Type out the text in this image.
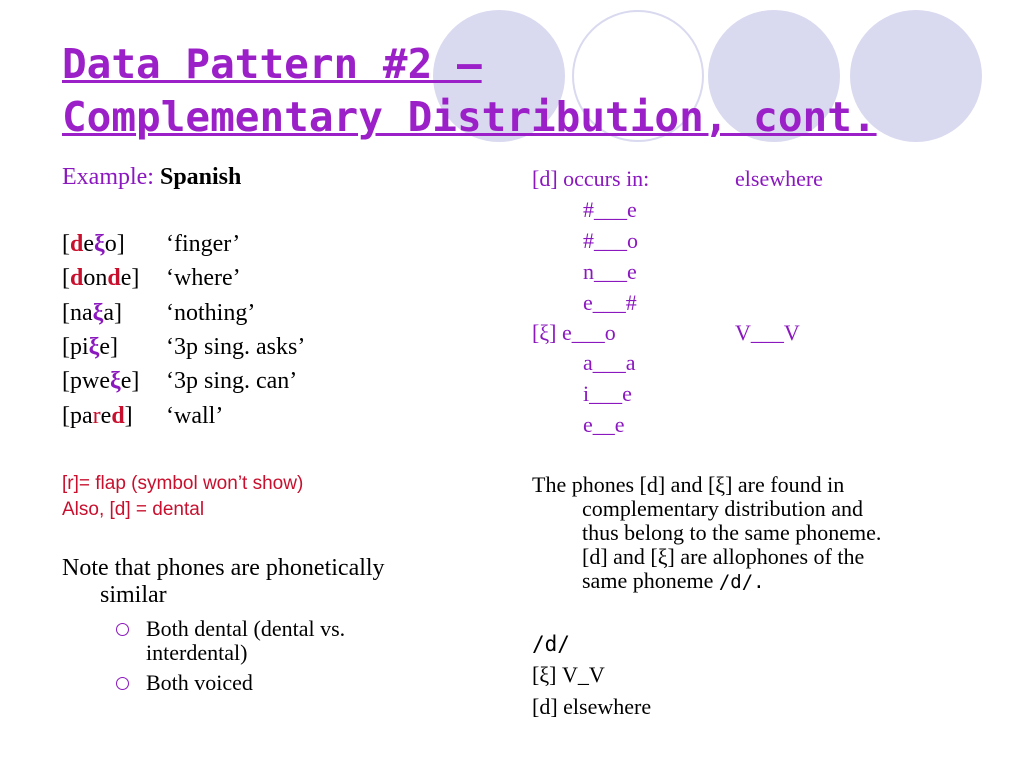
Data Pattern #2 –
Complementary Distribution, cont.
Example: Spanish
[deξo] ‘finger’
[donde] ‘where’
[naξa] ‘nothing’
[piξe] ‘3p sing. asks’
[pweξe] ‘3p sing. can’
[pared] ‘wall’
[r]= flap (symbol won’t show)
Also, [d] = dental
Note that phones are phonetically
similar
Both dental (dental vs.
interdental)
Both voiced
[d] occurs in:	elsewhere
#___e
#___o
n___e
e___#
[ξ] e___o	V___V
a___a
i___e
e__e
The phones [d] and [ξ] are found in
complementary distribution and
thus belong to the same phoneme.
[d] and [ξ] are allophones of the
same phoneme /d/.
/d/
[ξ] V_V
[d] elsewhere
